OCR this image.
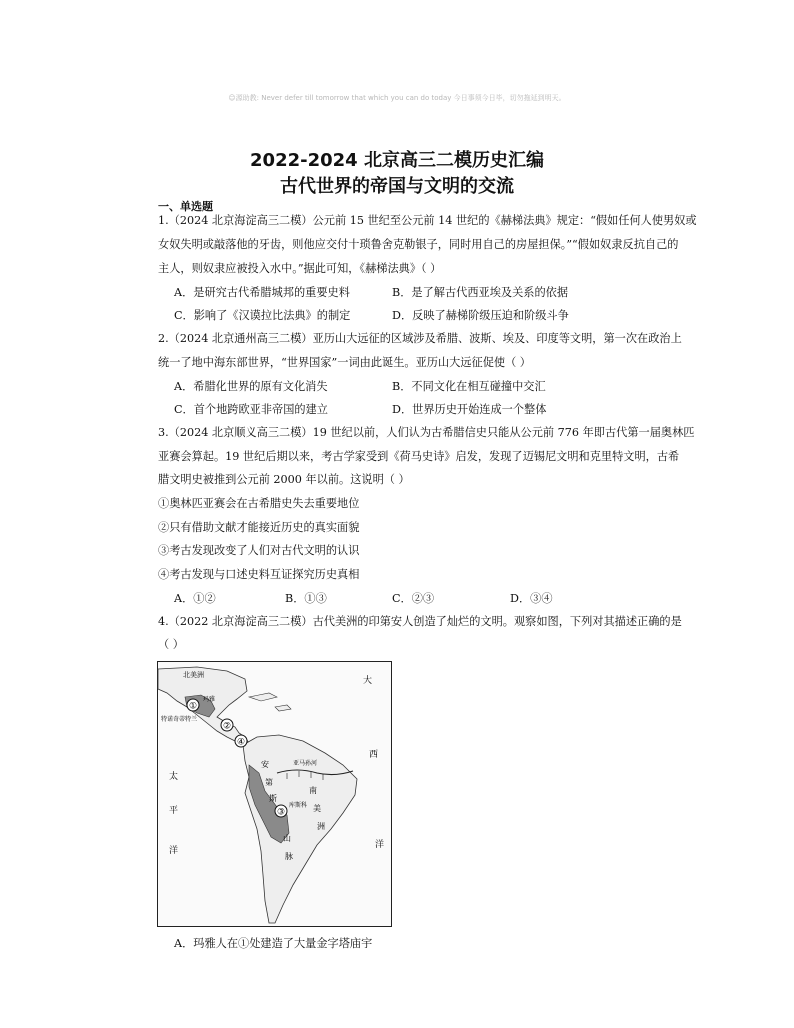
☺源助教: Never defer till tomorrow that which you can do today 今日事须今日毕，切勿拖延到明天。
2022-2024 北京高三二模历史汇编
古代世界的帝国与文明的交流
一、单选题
1.（2024 北京海淀高三二模）公元前 15 世纪至公元前 14 世纪的《赫梯法典》规定：“假如任何人使男奴或
女奴失明或敲落他的牙齿，则他应交付十琐鲁舍克勒银子，同时用自己的房屋担保。”“假如奴隶反抗自己的
主人，则奴隶应被投入水中。”据此可知，《赫梯法典》（ ）
A．是研究古代希腊城邦的重要史料	B．是了解古代西亚埃及关系的依据
C．影响了《汉谟拉比法典》的制定	D．反映了赫梯阶级压迫和阶级斗争
2.（2024 北京通州高三二模）亚历山大远征的区域涉及希腊、波斯、埃及、印度等文明，第一次在政治上
统一了地中海东部世界，“世界国家”一词由此诞生。亚历山大远征促使（ ）
A．希腊化世界的原有文化消失	B．不同文化在相互碰撞中交汇
C．首个地跨欧亚非帝国的建立	D．世界历史开始连成一个整体
3.（2024 北京顺义高三二模）19 世纪以前，人们认为古希腊信史只能从公元前 776 年即古代第一届奥林匹
亚赛会算起。19 世纪后期以来，考古学家受到《荷马史诗》启发，发现了迈锡尼文明和克里特文明，古希
腊文明史被推到公元前 2000 年以前。这说明（ ）
①奥林匹亚赛会在古希腊史失去重要地位
②只有借助文献才能接近历史的真实面貌
③考古发现改变了人们对古代文明的认识
④考古发现与口述史料互证探究历史真相
A．①②	B．①③	C．②③	D．③④
4.（2022 北京海淀高三二模）古代美洲的印第安人创造了灿烂的文明。观察如图，下列对其描述正确的是
（ ）
①
②
④
③
北美洲
玛雅
特诺奇蒂特兰
亚马孙河
库斯科
安
第
斯
山
脉
南
美
洲
大
西
洋
太
平
洋
A．玛雅人在①处建造了大量金字塔庙宇
